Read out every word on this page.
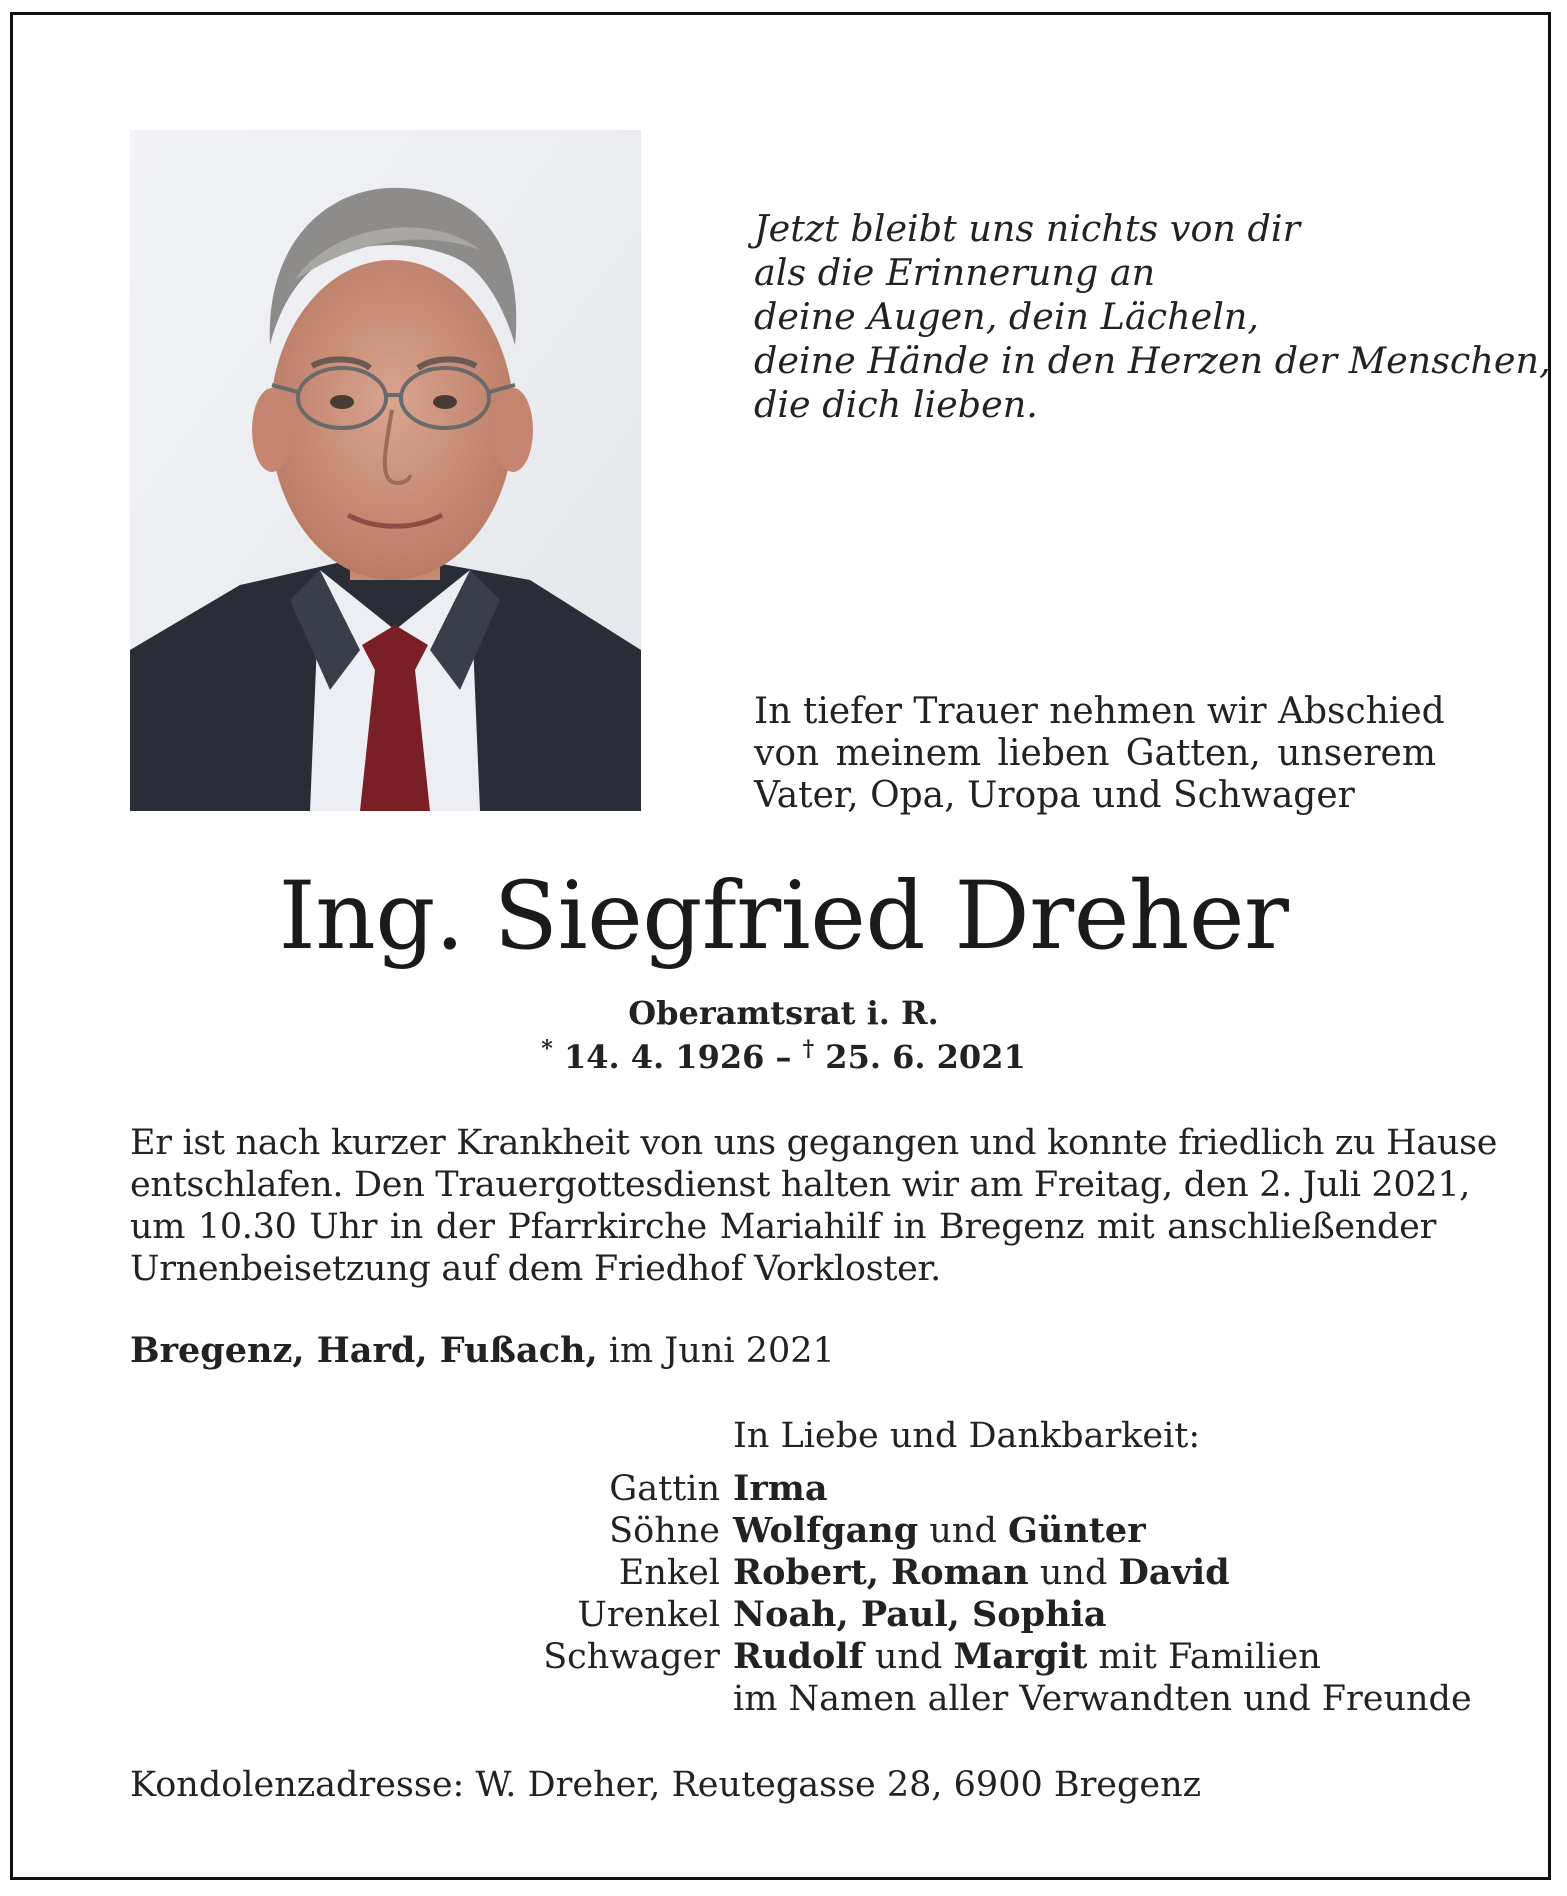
Jetzt bleibt uns nichts von dir
als die Erinnerung an
deine Augen, dein Lächeln,
deine Hände in den Herzen der Menschen,
die dich lieben.
In tiefer Trauer nehmen wir Abschied
von meinem lieben Gatten, unserem
Vater, Opa, Uropa und Schwager
Ing. Siegfried Dreher
Oberamtsrat i. R.
* 14. 4. 1926 – † 25. 6. 2021
Er ist nach kurzer Krankheit von uns gegangen und konnte friedlich zu Hause
entschlafen. Den Trauergottesdienst halten wir am Freitag, den 2. Juli 2021,
um 10.30 Uhr in der Pfarrkirche Mariahilf in Bregenz mit anschließender
Urnenbeisetzung auf dem Friedhof Vorkloster.
Bregenz, Hard, Fußach, im Juni 2021
In Liebe und Dankbarkeit:
Gattin Irma
Söhne Wolfgang und Günter
Enkel Robert, Roman und David
Urenkel Noah, Paul, Sophia
Schwager Rudolf und Margit mit Familien
im Namen aller Verwandten und Freunde
Kondolenzadresse: W. Dreher, Reutegasse 28, 6900 Bregenz
